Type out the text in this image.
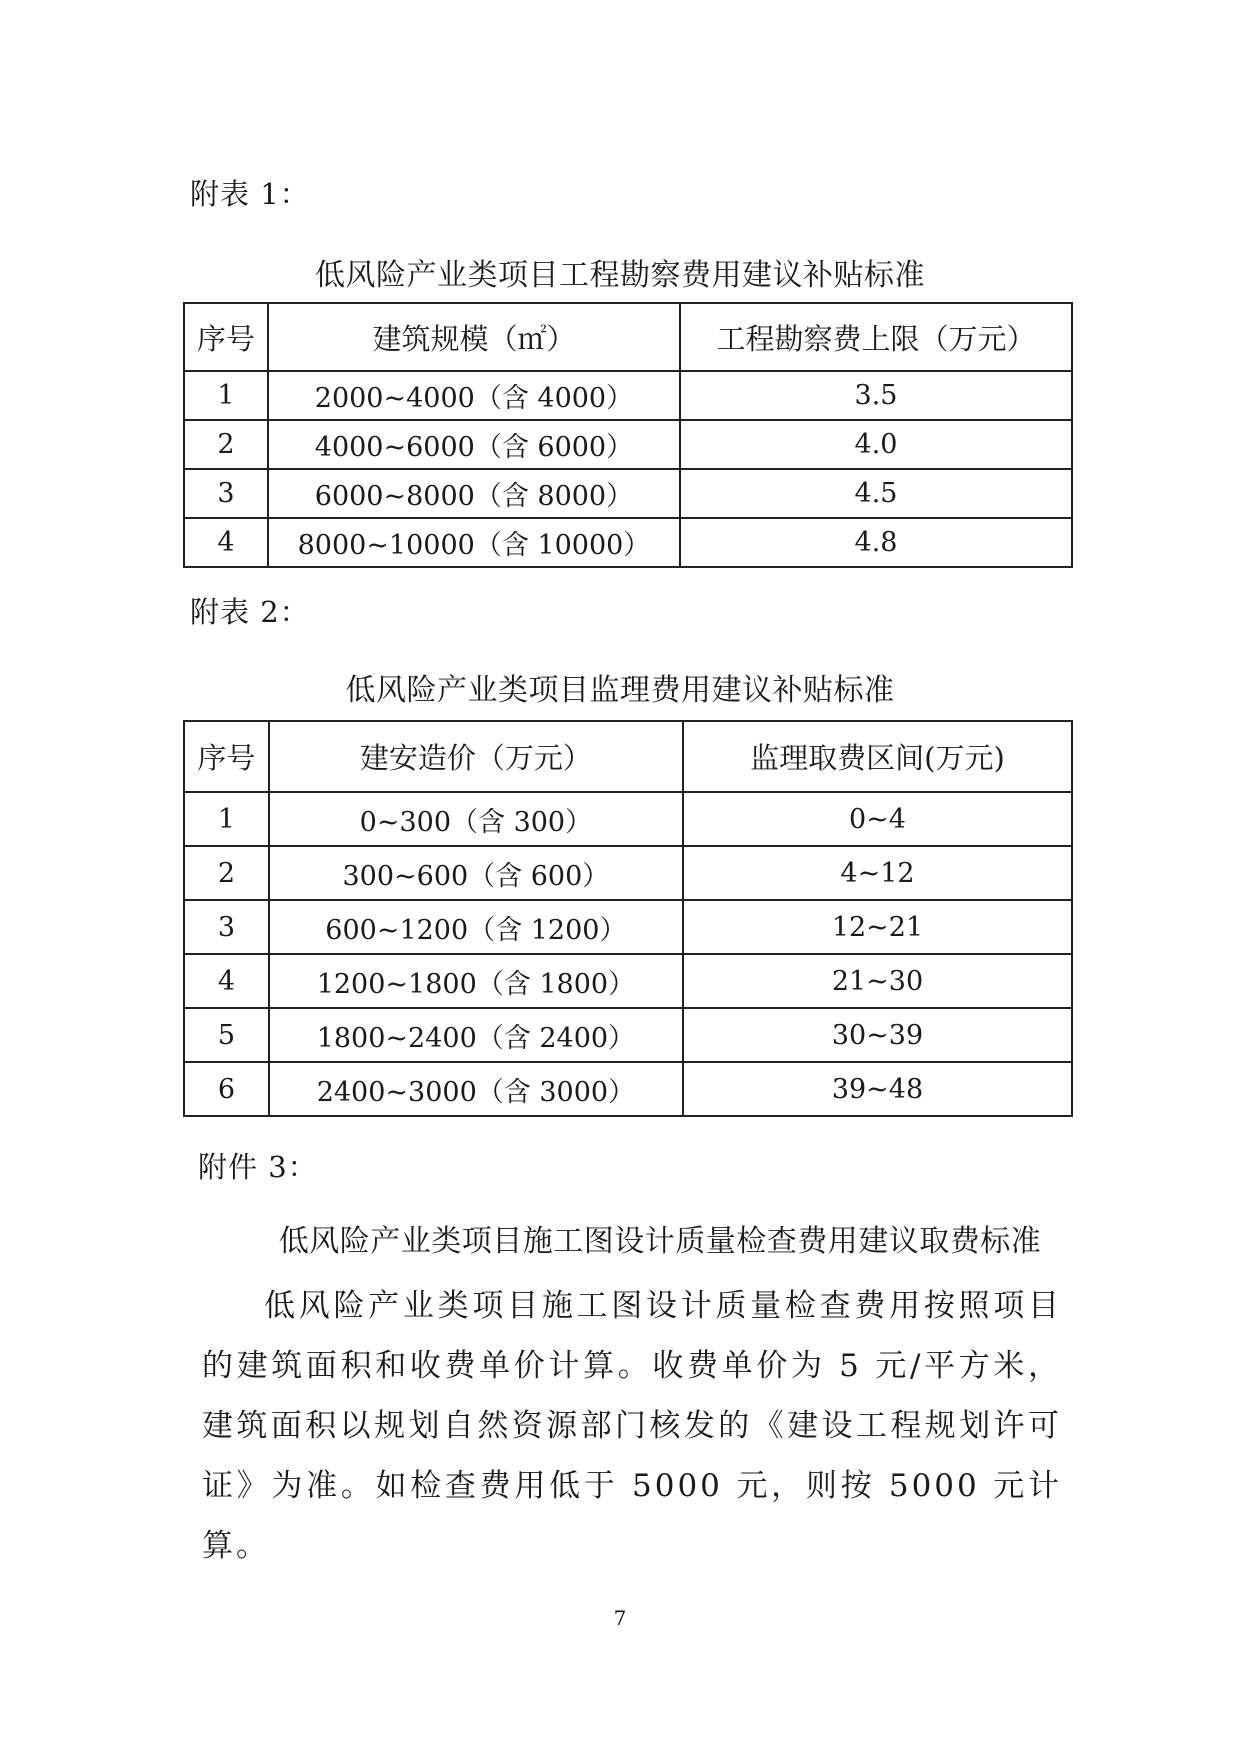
附表 1：
低风险产业类项目工程勘察费用建议补贴标准
序号	建筑规模（㎡）	工程勘察费上限（万元）
1	2000~4000（含 4000）	3.5
2	4000~6000（含 6000）	4.0
3	6000~8000（含 8000）	4.5
4	8000~10000（含 10000）	4.8
附表 2：
低风险产业类项目监理费用建议补贴标准
序号	建安造价（万元）	监理取费区间(万元)
1	0~300（含 300）	0~4
2	300~600（含 600）	4~12
3	600~1200（含 1200）	12~21
4	1200~1800（含 1800）	21~30
5	1800~2400（含 2400）	30~39
6	2400~3000（含 3000）	39~48
附件 3：
低风险产业类项目施工图设计质量检查费用建议取费标准

低风险产业类项目施工图设计质量检查费用按照项目的建筑面积和收费单价计算。收费单价为 5 元/平方米，建筑面积以规划自然资源部门核发的《建设工程规划许可证》为准。如检查费用低于 5000 元，则按 5000 元计算。

7
